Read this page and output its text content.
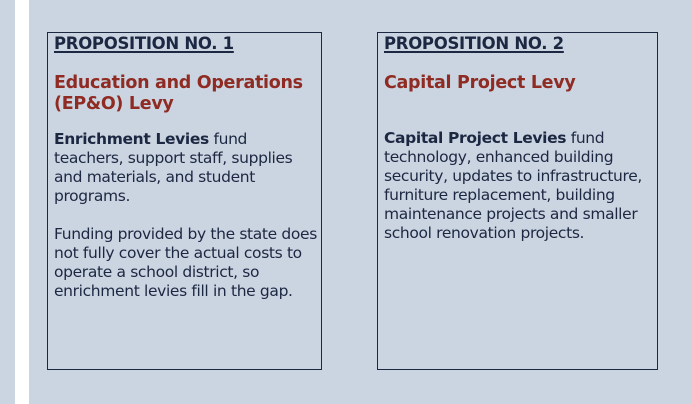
PROPOSITION NO. 1
Education and Operations (EP&O) Levy
Enrichment Levies fund teachers, support staff, supplies and materials, and student programs.
Funding provided by the state does not fully cover the actual costs to operate a school district, so enrichment levies fill in the gap.
PROPOSITION NO. 2
Capital Project Levy
Capital Project Levies fund technology, enhanced building security, updates to infrastructure, furniture replacement, building maintenance projects and smaller school renovation projects.
